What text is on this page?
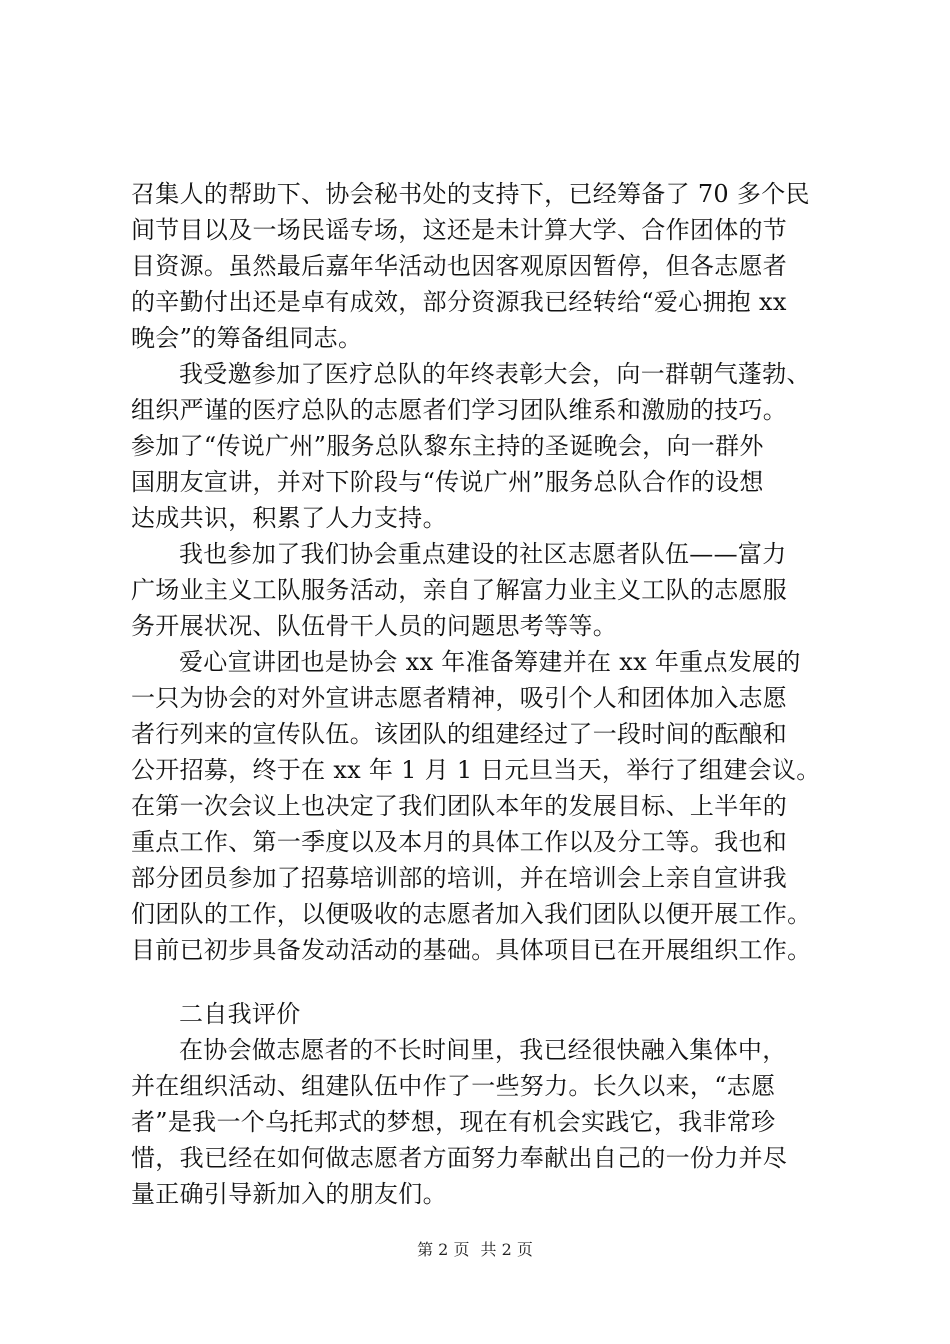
召集人的帮助下、协会秘书处的支持下，已经筹备了 70 多个民
间节目以及一场民谣专场，这还是未计算大学、合作团体的节
目资源。虽然最后嘉年华活动也因客观原因暂停，但各志愿者
的辛勤付出还是卓有成效，部分资源我已经转给“爱心拥抱 xx
晚会”的筹备组同志。
我受邀参加了医疗总队的年终表彰大会，向一群朝气蓬勃、
组织严谨的医疗总队的志愿者们学习团队维系和激励的技巧。
参加了“传说广州”服务总队黎东主持的圣诞晚会，向一群外
国朋友宣讲，并对下阶段与“传说广州”服务总队合作的设想
达成共识，积累了人力支持。
我也参加了我们协会重点建设的社区志愿者队伍——富力
广场业主义工队服务活动，亲自了解富力业主义工队的志愿服
务开展状况、队伍骨干人员的问题思考等等。
爱心宣讲团也是协会 xx 年准备筹建并在 xx 年重点发展的
一只为协会的对外宣讲志愿者精神，吸引个人和团体加入志愿
者行列来的宣传队伍。该团队的组建经过了一段时间的酝酿和
公开招募，终于在 xx 年 1 月 1 日元旦当天，举行了组建会议。
在第一次会议上也决定了我们团队本年的发展目标、上半年的
重点工作、第一季度以及本月的具体工作以及分工等。我也和
部分团员参加了招募培训部的培训，并在培训会上亲自宣讲我
们团队的工作，以便吸收的志愿者加入我们团队以便开展工作。
目前已初步具备发动活动的基础。具体项目已在开展组织工作。
二自我评价
在协会做志愿者的不长时间里，我已经很快融入集体中，
并在组织活动、组建队伍中作了一些努力。长久以来，“志愿
者”是我一个乌托邦式的梦想，现在有机会实践它，我非常珍
惜，我已经在如何做志愿者方面努力奉献出自己的一份力并尽
量正确引导新加入的朋友们。
第 2 页 共 2 页
